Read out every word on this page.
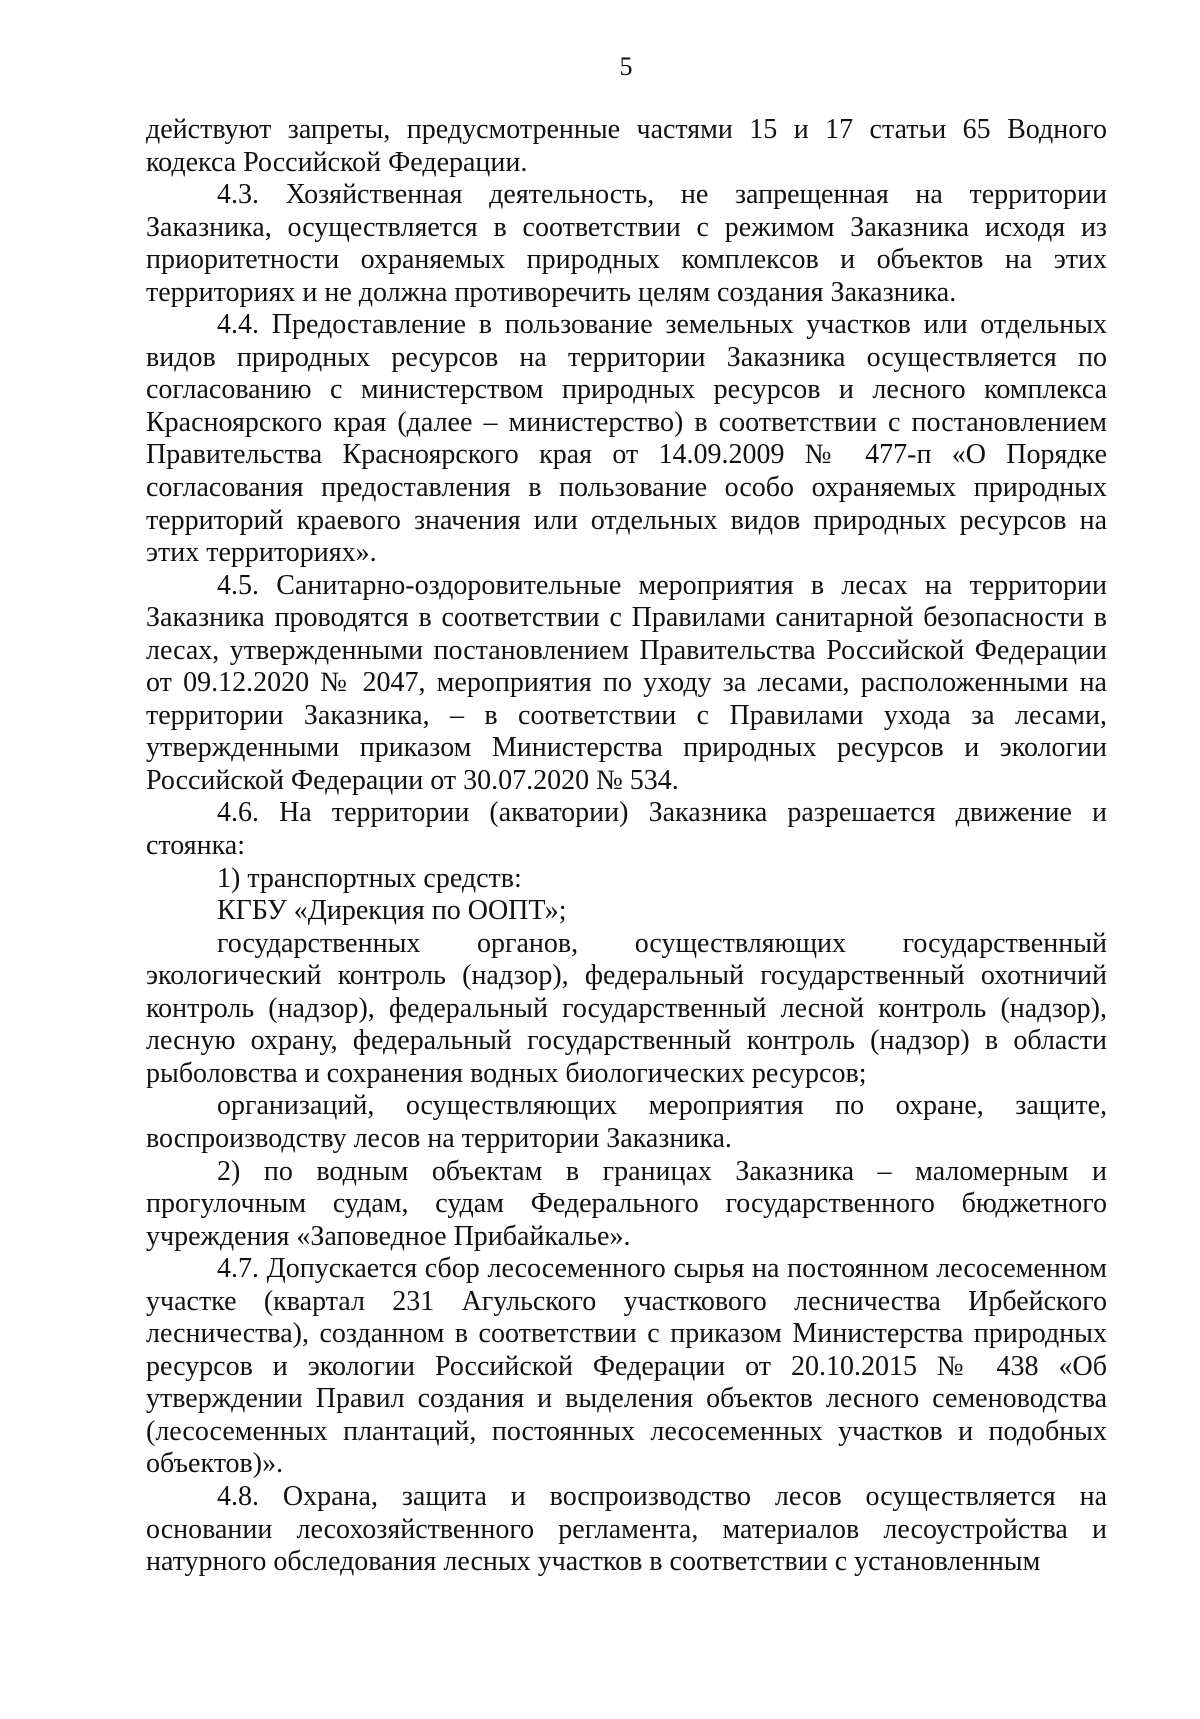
5

действуют запреты, предусмотренные частями 15 и 17 статьи 65 Водного кодекса Российской Федерации.

4.3. Хозяйственная деятельность, не запрещенная на территории Заказника, осуществляется в соответствии с режимом Заказника исходя из приоритетности охраняемых природных комплексов и объектов на этих территориях и не должна противоречить целям создания Заказника.

4.4. Предоставление в пользование земельных участков или отдельных видов природных ресурсов на территории Заказника осуществляется по согласованию с министерством природных ресурсов и лесного комплекса Красноярского края (далее – министерство) в соответствии с постановлением Правительства Красноярского края от 14.09.2009 № 477-п «О Порядке согласования предоставления в пользование особо охраняемых природных территорий краевого значения или отдельных видов природных ресурсов на этих территориях».

4.5. Санитарно-оздоровительные мероприятия в лесах на территории Заказника проводятся в соответствии с Правилами санитарной безопасности в лесах, утвержденными постановлением Правительства Российской Федерации от 09.12.2020 № 2047, мероприятия по уходу за лесами, расположенными на территории Заказника, – в соответствии с Правилами ухода за лесами, утвержденными приказом Министерства природных ресурсов и экологии Российской Федерации от 30.07.2020 № 534.

4.6. На территории (акватории) Заказника разрешается движение и стоянка:

1) транспортных средств:

КГБУ «Дирекция по ООПТ»;

государственных органов, осуществляющих государственный экологический контроль (надзор), федеральный государственный охотничий контроль (надзор), федеральный государственный лесной контроль (надзор), лесную охрану, федеральный государственный контроль (надзор) в области рыболовства и сохранения водных биологических ресурсов;

организаций, осуществляющих мероприятия по охране, защите, воспроизводству лесов на территории Заказника.

2) по водным объектам в границах Заказника – маломерным и прогулочным судам, судам Федерального государственного бюджетного учреждения «Заповедное Прибайкалье».

4.7. Допускается сбор лесосеменного сырья на постоянном лесосеменном участке (квартал 231 Агульского участкового лесничества Ирбейского лесничества), созданном в соответствии с приказом Министерства природных ресурсов и экологии Российской Федерации от 20.10.2015 № 438 «Об утверждении Правил создания и выделения объектов лесного семеноводства (лесосеменных плантаций, постоянных лесосеменных участков и подобных объектов)».

4.8. Охрана, защита и воспроизводство лесов осуществляется на основании лесохозяйственного регламента, материалов лесоустройства и натурного обследования лесных участков в соответствии с установленным
